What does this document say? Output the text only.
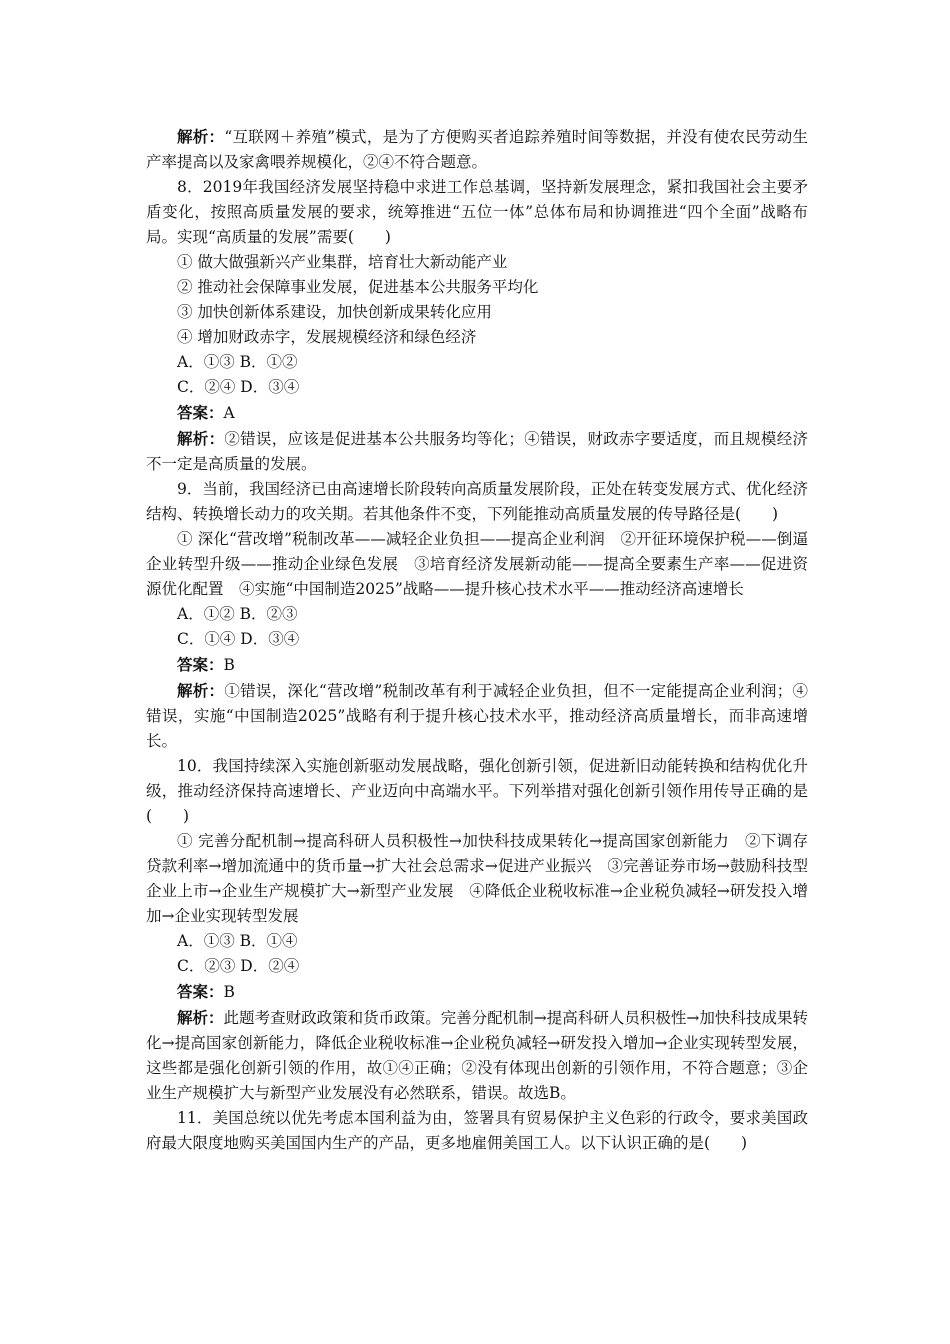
解析：“互联网＋养殖”模式，是为了方便购买者追踪养殖时间等数据，并没有使农民劳动生产率提高以及家禽喂养规模化，②④不符合题意。

8．2019年我国经济发展坚持稳中求进工作总基调，坚持新发展理念，紧扣我国社会主要矛盾变化，按照高质量发展的要求，统筹推进“五位一体”总体布局和协调推进“四个全面”战略布局。实现“高质量的发展”需要(　　)

① 做大做强新兴产业集群，培育壮大新动能产业

② 推动社会保障事业发展，促进基本公共服务平均化

③ 加快创新体系建设，加快创新成果转化应用

④ 增加财政赤字，发展规模经济和绿色经济

A．①③ B．①②

C．②④ D．③④

答案：A

解析：②错误，应该是促进基本公共服务均等化；④错误，财政赤字要适度，而且规模经济不一定是高质量的发展。

9．当前，我国经济已由高速增长阶段转向高质量发展阶段，正处在转变发展方式、优化经济结构、转换增长动力的攻关期。若其他条件不变，下列能推动高质量发展的传导路径是(　　)

① 深化“营改增”税制改革——减轻企业负担——提高企业利润　②开征环境保护税——倒逼企业转型升级——推动企业绿色发展　③培育经济发展新动能——提高全要素生产率——促进资源优化配置　④实施“中国制造2025”战略——提升核心技术水平——推动经济高速增长

A．①② B．②③

C．①④ D．③④

答案：B

解析：①错误，深化“营改增”税制改革有利于减轻企业负担，但不一定能提高企业利润；④错误，实施“中国制造2025”战略有利于提升核心技术水平，推动经济高质量增长，而非高速增长。

10．我国持续深入实施创新驱动发展战略，强化创新引领，促进新旧动能转换和结构优化升级，推动经济保持高速增长、产业迈向中高端水平。下列举措对强化创新引领作用传导正确的是(　　)

① 完善分配机制→提高科研人员积极性→加快科技成果转化→提高国家创新能力　②下调存贷款利率→增加流通中的货币量→扩大社会总需求→促进产业振兴　③完善证券市场→鼓励科技型企业上市→企业生产规模扩大→新型产业发展　④降低企业税收标准→企业税负减轻→研发投入增加→企业实现转型发展

A．①③ B．①④

C．②③ D．②④

答案：B

解析：此题考查财政政策和货币政策。完善分配机制→提高科研人员积极性→加快科技成果转化→提高国家创新能力，降低企业税收标准→企业税负减轻→研发投入增加→企业实现转型发展，这些都是强化创新引领的作用，故①④正确；②没有体现出创新的引领作用，不符合题意；③企业生产规模扩大与新型产业发展没有必然联系，错误。故选B。

11．美国总统以优先考虑本国利益为由，签署具有贸易保护主义色彩的行政令，要求美国政府最大限度地购买美国国内生产的产品，更多地雇佣美国工人。以下认识正确的是(　　)
